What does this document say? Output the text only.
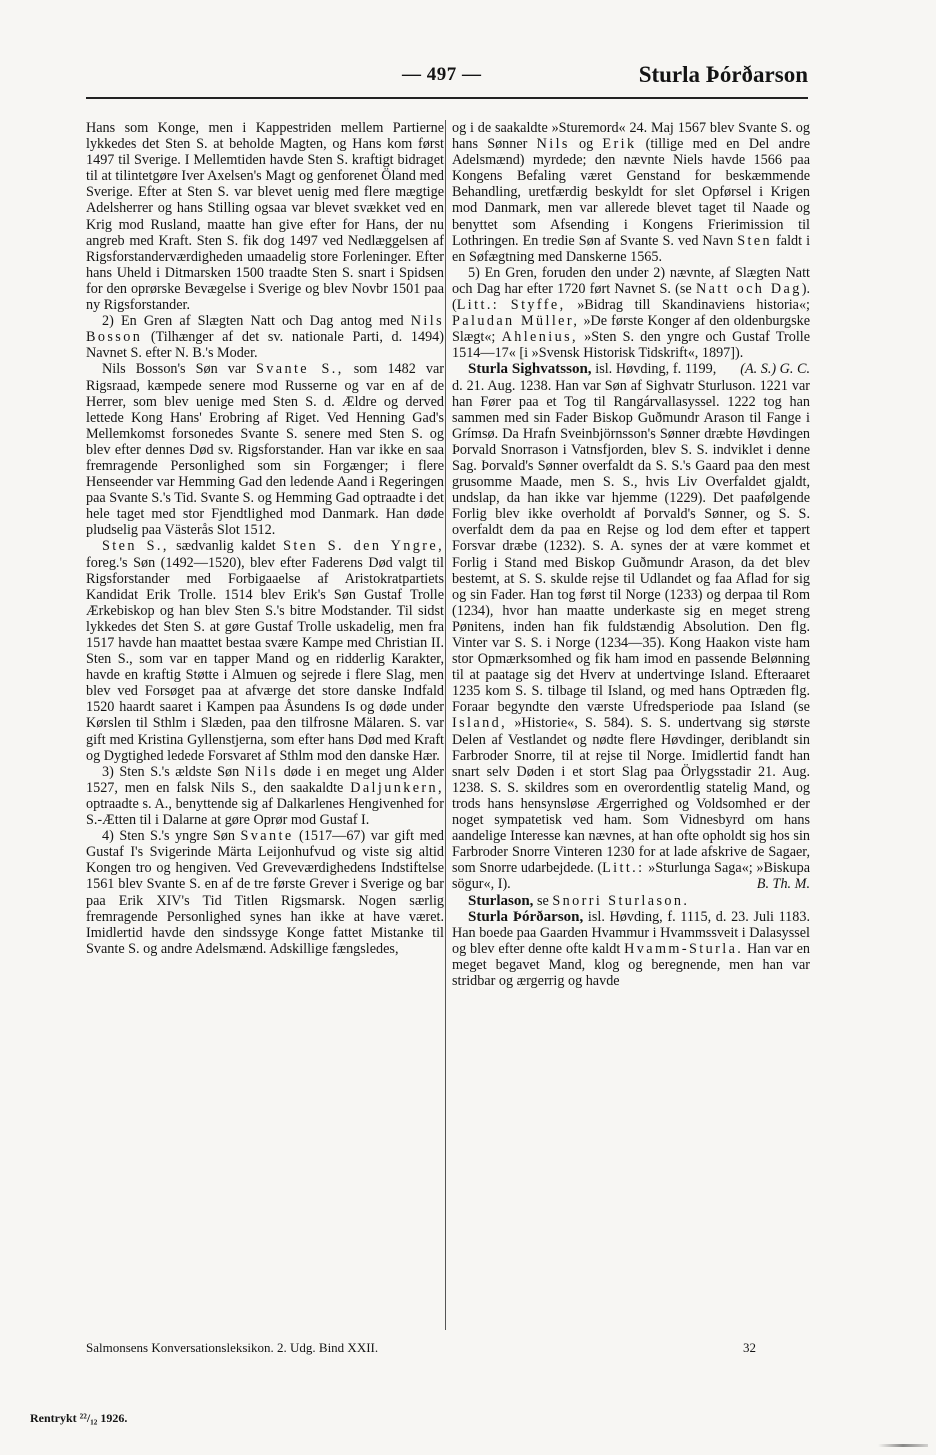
— 497 —	Sturla Þórðarson

Hans som Konge, men i Kappestriden mellem Partierne lykkedes det Sten S. at beholde Magten, og Hans kom først 1497 til Sverige. I Mellemtiden havde Sten S. kraftigt bidraget til at tilintetgøre Iver Axelsen's Magt og genforenet Öland med Sverige. Efter at Sten S. var blevet uenig med flere mægtige Adelsherrer og hans Stilling ogsaa var blevet svækket ved en Krig mod Rusland, maatte han give efter for Hans, der nu angreb med Kraft. Sten S. fik dog 1497 ved Nedlæggelsen af Rigsforstanderværdigheden umaadelig store Forleninger. Efter hans Uheld i Ditmarsken 1500 traadte Sten S. snart i Spidsen for den oprørske Bevægelse i Sverige og blev Novbr 1501 paa ny Rigsforstander.

2) En Gren af Slægten Natt och Dag antog med Nils Bosson (Tilhænger af det sv. nationale Parti, d. 1494) Navnet S. efter N. B.'s Moder.

Nils Bosson's Søn var Svante S., som 1482 var Rigsraad, kæmpede senere mod Russerne og var en af de Herrer, som blev uenige med Sten S. d. Ældre og derved lettede Kong Hans' Erobring af Riget. Ved Henning Gad's Mellemkomst forsonedes Svante S. senere med Sten S. og blev efter dennes Død sv. Rigsforstander. Han var ikke en saa fremragende Personlighed som sin Forgænger; i flere Henseender var Hemming Gad den ledende Aand i Regeringen paa Svante S.'s Tid. Svante S. og Hemming Gad optraadte i det hele taget med stor Fjendtlighed mod Danmark. Han døde pludselig paa Västerås Slot 1512.

Sten S., sædvanlig kaldet Sten S. den Yngre, foreg.'s Søn (1492—1520), blev efter Faderens Død valgt til Rigsforstander med Forbigaaelse af Aristokratpartiets Kandidat Erik Trolle. 1514 blev Erik's Søn Gustaf Trolle Ærkebiskop og han blev Sten S.'s bitre Modstander. Til sidst lykkedes det Sten S. at gøre Gustaf Trolle uskadelig, men fra 1517 havde han maattet bestaa svære Kampe med Christian II. Sten S., som var en tapper Mand og en ridderlig Karakter, havde en kraftig Støtte i Almuen og sejrede i flere Slag, men blev ved Forsøget paa at afværge det store danske Indfald 1520 haardt saaret i Kampen paa Åsundens Is og døde under Kørslen til Sthlm i Slæden, paa den tilfrosne Mälaren. S. var gift med Kristina Gyllenstjerna, som efter hans Død med Kraft og Dygtighed ledede Forsvaret af Sthlm mod den danske Hær.

3) Sten S.'s ældste Søn Nils døde i en meget ung Alder 1527, men en falsk Nils S., den saakaldte Daljunkern, optraadte s. A., benyttende sig af Dalkarlenes Hengivenhed for S.-Ætten til i Dalarne at gøre Oprør mod Gustaf I.

4) Sten S.'s yngre Søn Svante (1517—67) var gift med Gustaf I's Svigerinde Märta Leijonhufvud og viste sig altid Kongen tro og hengiven. Ved Greveværdighedens Indstiftelse 1561 blev Svante S. en af de tre første Grever i Sverige og bar paa Erik XIV's Tid Titlen Rigsmarsk. Nogen særlig fremragende Personlighed synes han ikke at have været. Imidlertid havde den sindssyge Konge fattet Mistanke til Svante S. og andre Adelsmænd. Adskillige fængsledes,

og i de saakaldte »Sturemord« 24. Maj 1567 blev Svante S. og hans Sønner Nils og Erik (tillige med en Del andre Adelsmænd) myrdede; den nævnte Niels havde 1566 paa Kongens Befaling været Genstand for beskæmmende Behandling, uretfærdig beskyldt for slet Opførsel i Krigen mod Danmark, men var allerede blevet taget til Naade og benyttet som Afsending i Kongens Frierimission til Lothringen. En tredie Søn af Svante S. ved Navn Sten faldt i en Søfægtning med Danskerne 1565.

5) En Gren, foruden den under 2) nævnte, af Slægten Natt och Dag har efter 1720 ført Navnet S. (se Natt och Dag). (Litt.: Styffe, »Bidrag till Skandinaviens historia«; Paludan Müller, »De første Konger af den oldenburgske Slægt«; Ahlenius, »Sten S. den yngre och Gustaf Trolle 1514—17« [i »Svensk Historisk Tidskrift«, 1897]).
(A. S.) G. C.

Sturla Sighvatsson, isl. Høvding, f. 1199, d. 21. Aug. 1238. Han var Søn af Sighvatr Sturluson. 1221 var han Fører paa et Tog til Rangárvallasyssel. 1222 tog han sammen med sin Fader Biskop Guðmundr Arason til Fange i Grímsø. Da Hrafn Sveinbjörnsson's Sønner dræbte Høvdingen Þorvald Snorrason i Vatnsfjorden, blev S. S. indviklet i denne Sag. Þorvald's Sønner overfaldt da S. S.'s Gaard paa den mest grusomme Maade, men S. S., hvis Liv Overfaldet gjaldt, undslap, da han ikke var hjemme (1229). Det paafølgende Forlig blev ikke overholdt af Þorvald's Sønner, og S. S. overfaldt dem da paa en Rejse og lod dem efter et tappert Forsvar dræbe (1232). S. A. synes der at være kommet et Forlig i Stand med Biskop Guðmundr Arason, da det blev bestemt, at S. S. skulde rejse til Udlandet og faa Aflad for sig og sin Fader. Han tog først til Norge (1233) og derpaa til Rom (1234), hvor han maatte underkaste sig en meget streng Pønitens, inden han fik fuldstændig Absolution. Den flg. Vinter var S. S. i Norge (1234—35). Kong Haakon viste ham stor Opmærksomhed og fik ham imod en passende Belønning til at paatage sig det Hverv at undertvinge Island. Efteraaret 1235 kom S. S. tilbage til Island, og med hans Optræden flg. Foraar begyndte den værste Ufredsperiode paa Island (se Island, »Historie«, S. 584). S. S. undertvang sig største Delen af Vestlandet og nødte flere Høvdinger, deriblandt sin Farbroder Snorre, til at rejse til Norge. Imidlertid fandt han snart selv Døden i et stort Slag paa Örlygsstadir 21. Aug. 1238. S. S. skildres som en overordentlig statelig Mand, og trods hans hensynsløse Ærgerrighed og Voldsomhed er der noget sympatetisk ved ham. Som Vidnesbyrd om hans aandelige Interesse kan nævnes, at han ofte opholdt sig hos sin Farbroder Snorre Vinteren 1230 for at lade afskrive de Sagaer, som Snorre udarbejdede. (Litt.: »Sturlunga Saga«; »Biskupa sögur«, I).	B. Th. M.

Sturlason, se Snorri Sturlason.

Sturla Þórðarson, isl. Høvding, f. 1115, d. 23. Juli 1183. Han boede paa Gaarden Hvammur i Hvammssveit i Dalasyssel og blev efter denne ofte kaldt Hvamm-Sturla. Han var en meget begavet Mand, klog og beregnende, men han var stridbar og ærgerrig og havde

Salmonsens Konversationsleksikon. 2. Udg. Bind XXII.	32
Rentrykt ²²/₁₂ 1926.
